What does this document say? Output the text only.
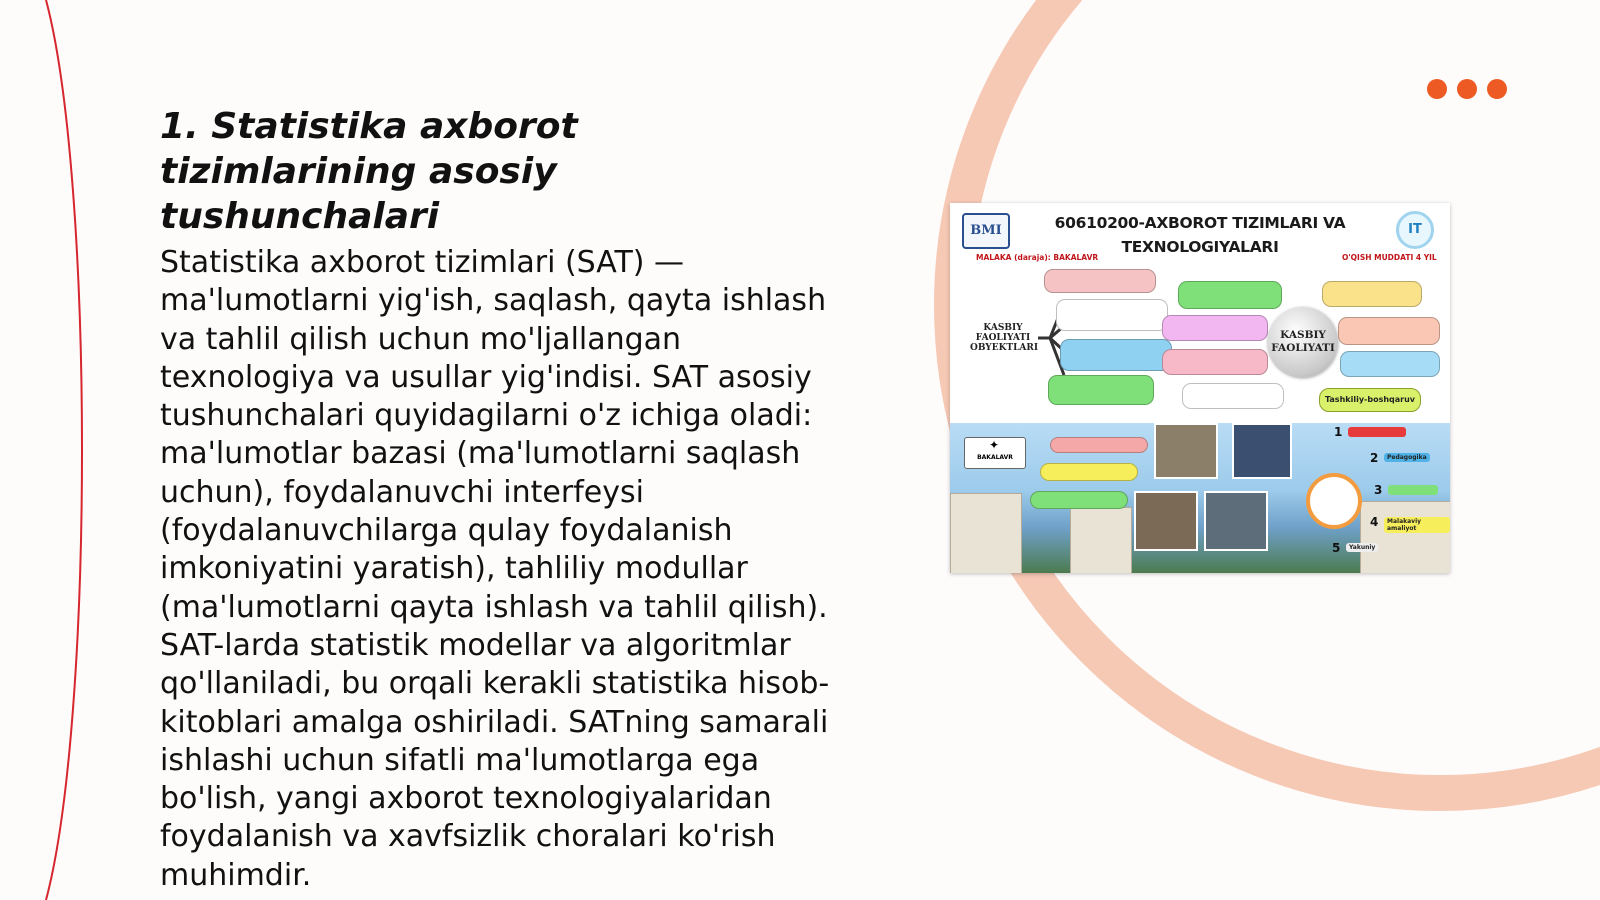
1. Statistika axborot tizimlarining asosiy tushunchalari

Statistika axborot tizimlari (SAT) — ma'lumotlarni yig'ish, saqlash, qayta ishlash va tahlil qilish uchun mo'ljallangan texnologiya va usullar yig'indisi. SAT asosiy tushunchalari quyidagilarni o'z ichiga oladi: ma'lumotlar bazasi (ma'lumotlarni saqlash uchun), foydalanuvchi interfeysi (foydalanuvchilarga qulay foydalanish imkoniyatini yaratish), tahliliy modullar (ma'lumotlarni qayta ishlash va tahlil qilish). SAT-larda statistik modellar va algoritmlar qo'llaniladi, bu orqali kerakli statistika hisob-kitoblari amalga oshiriladi. SATning samarali ishlashi uchun sifatli ma'lumotlarga ega bo'lish, yangi axborot texnologiyalaridan foydalanish va xavfsizlik choralari ko'rish muhimdir.

BMI	60610200-AXBOROT TIZIMLARI VA TEXNOLOGIYALARI
IT
MALAKA (daraja): BAKALAVR	O'QISH MUDDATI 4 YIL
KASBIY FAOLIYATI OBYEKTLARI
KASBIY FAOLIYATI
Tashkiliy-boshqaruv
BAKALAVR
✦
1
2	Pedagogika
3
4	Malakaviy amaliyot
5	Yakuniy
